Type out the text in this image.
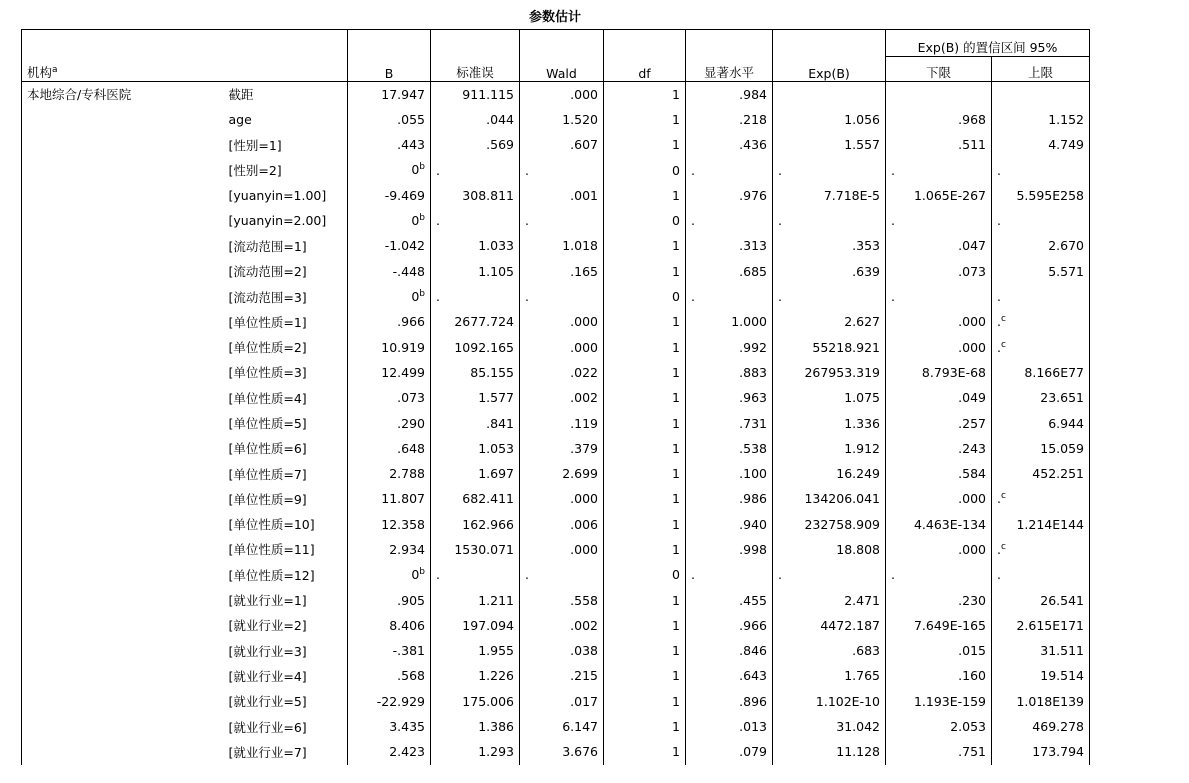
参数估计
								Exp(B) 的置信区间 95%	
机构$^a$		B	标准误	Wald	df	显著水平	Exp(B)	下限	上限
本地综合/专科医院	截距	17.947	911.115	.000	1	.984			
	age	.055	.044	1.520	1	.218	1.056	.968	1.152
	[性别=1]	.443	.569	.607	1	.436	1.557	.511	4.749
	[性别=2]	0$^b$	.	.	0	.	.	.	.
	[yuanyin=1.00]	-9.469	308.811	.001	1	.976	7.718E-5	1.065E-267	5.595E258
	[yuanyin=2.00]	0$^b$	.	.	0	.	.	.	.
	[流动范围=1]	-1.042	1.033	1.018	1	.313	.353	.047	2.670
	[流动范围=2]	-.448	1.105	.165	1	.685	.639	.073	5.571
	[流动范围=3]	0$^b$	.	.	0	.	.	.	.
	[单位性质=1]	.966	2677.724	.000	1	1.000	2.627	.000	.$^c$
	[单位性质=2]	10.919	1092.165	.000	1	.992	55218.921	.000	.$^c$
	[单位性质=3]	12.499	85.155	.022	1	.883	267953.319	8.793E-68	8.166E77
	[单位性质=4]	.073	1.577	.002	1	.963	1.075	.049	23.651
	[单位性质=5]	.290	.841	.119	1	.731	1.336	.257	6.944
	[单位性质=6]	.648	1.053	.379	1	.538	1.912	.243	15.059
	[单位性质=7]	2.788	1.697	2.699	1	.100	16.249	.584	452.251
	[单位性质=9]	11.807	682.411	.000	1	.986	134206.041	.000	.$^c$
	[单位性质=10]	12.358	162.966	.006	1	.940	232758.909	4.463E-134	1.214E144
	[单位性质=11]	2.934	1530.071	.000	1	.998	18.808	.000	.$^c$
	[单位性质=12]	0$^b$	.	.	0	.	.	.	.
	[就业行业=1]	.905	1.211	.558	1	.455	2.471	.230	26.541
	[就业行业=2]	8.406	197.094	.002	1	.966	4472.187	7.649E-165	2.615E171
	[就业行业=3]	-.381	1.955	.038	1	.846	.683	.015	31.511
	[就业行业=4]	.568	1.226	.215	1	.643	1.765	.160	19.514
	[就业行业=5]	-22.929	175.006	.017	1	.896	1.102E-10	1.193E-159	1.018E139
	[就业行业=6]	3.435	1.386	6.147	1	.013	31.042	2.053	469.278
	[就业行业=7]	2.423	1.293	3.676	1	.079	11.128	.751	173.794
